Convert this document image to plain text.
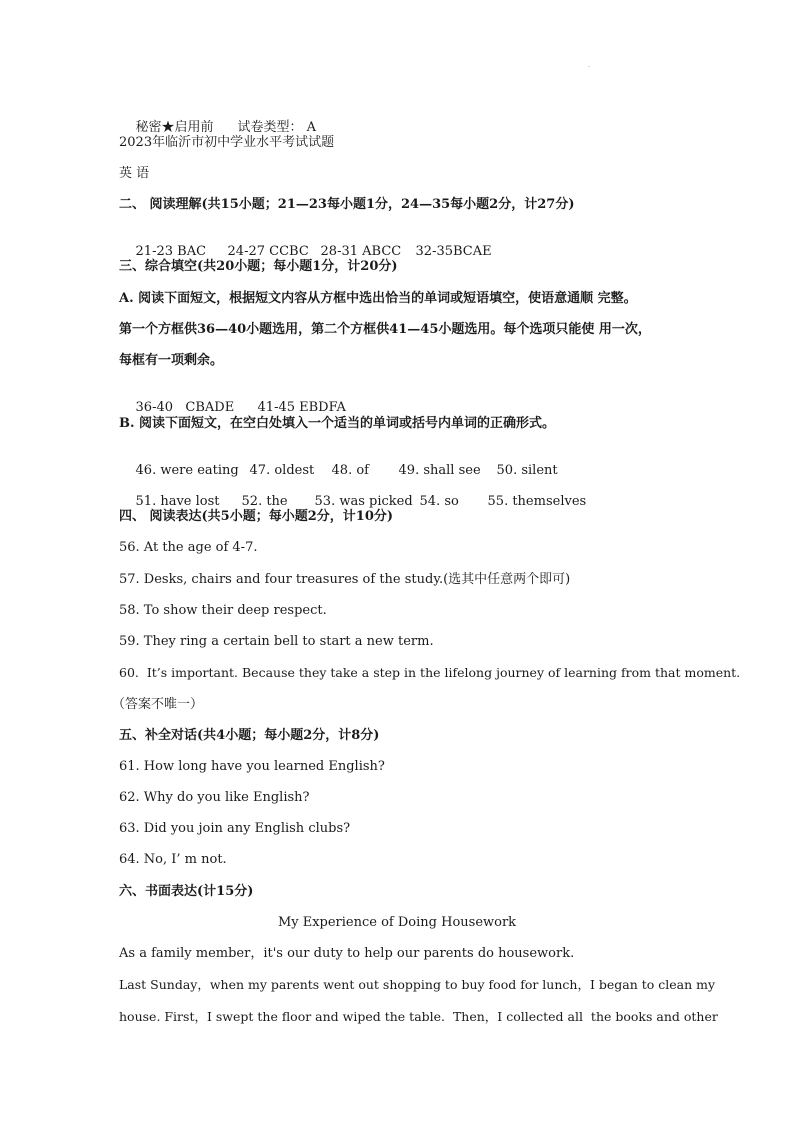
·

秘密★启用前 试卷类型： A

2023年临沂市初中学业水平考试试题
英 语
二、 阅读理解(共15小题；21—23每小题1分，24—35每小题2分，计27分)

21-23 BAC 24-27 CCBC 28-31 ABCC 32-35BCAE

三、综合填空(共20小题；每小题1分，计20分)
A. 阅读下面短文，根据短文内容从方框中选出恰当的单词或短语填空，使语意通顺 完整。
第一个方框供36—40小题选用，第二个方框供41—45小题选用。每个选项只能使 用一次，
每框有一项剩余。

36-40   CBADE 41-45 EBDFA

B. 阅读下面短文，在空白处填入一个适当的单词或括号内单词的正确形式。

46. were eating 47. oldest 48. of 49. shall see 50. silent

51. have lost 52. the 53. was picked 54. so 55. themselves

四、 阅读表达(共5小题；每小题2分，计10分)
56. At the age of 4-7.
57. Desks, chairs and four treasures of the study.(选其中任意两个即可)
58. To show their deep respect.
59. They ring a certain bell to start a new term.
60.  It’s important. Because they take a step in the lifelong journey of learning from that moment.
（答案不唯一）
五、补全对话(共4小题；每小题2分，计8分)
61. How long have you learned English?
62. Why do you like English?
63. Did you join any English clubs?
64. No, I’ m not.
六、书面表达(计15分)
My Experience of Doing Housework
As a family member，it's our duty to help our parents do housework.
Last Sunday，when my parents went out shopping to buy food for lunch，I began to clean my
house. First，I swept the floor and wiped the table.  Then，I collected all  the books and other
